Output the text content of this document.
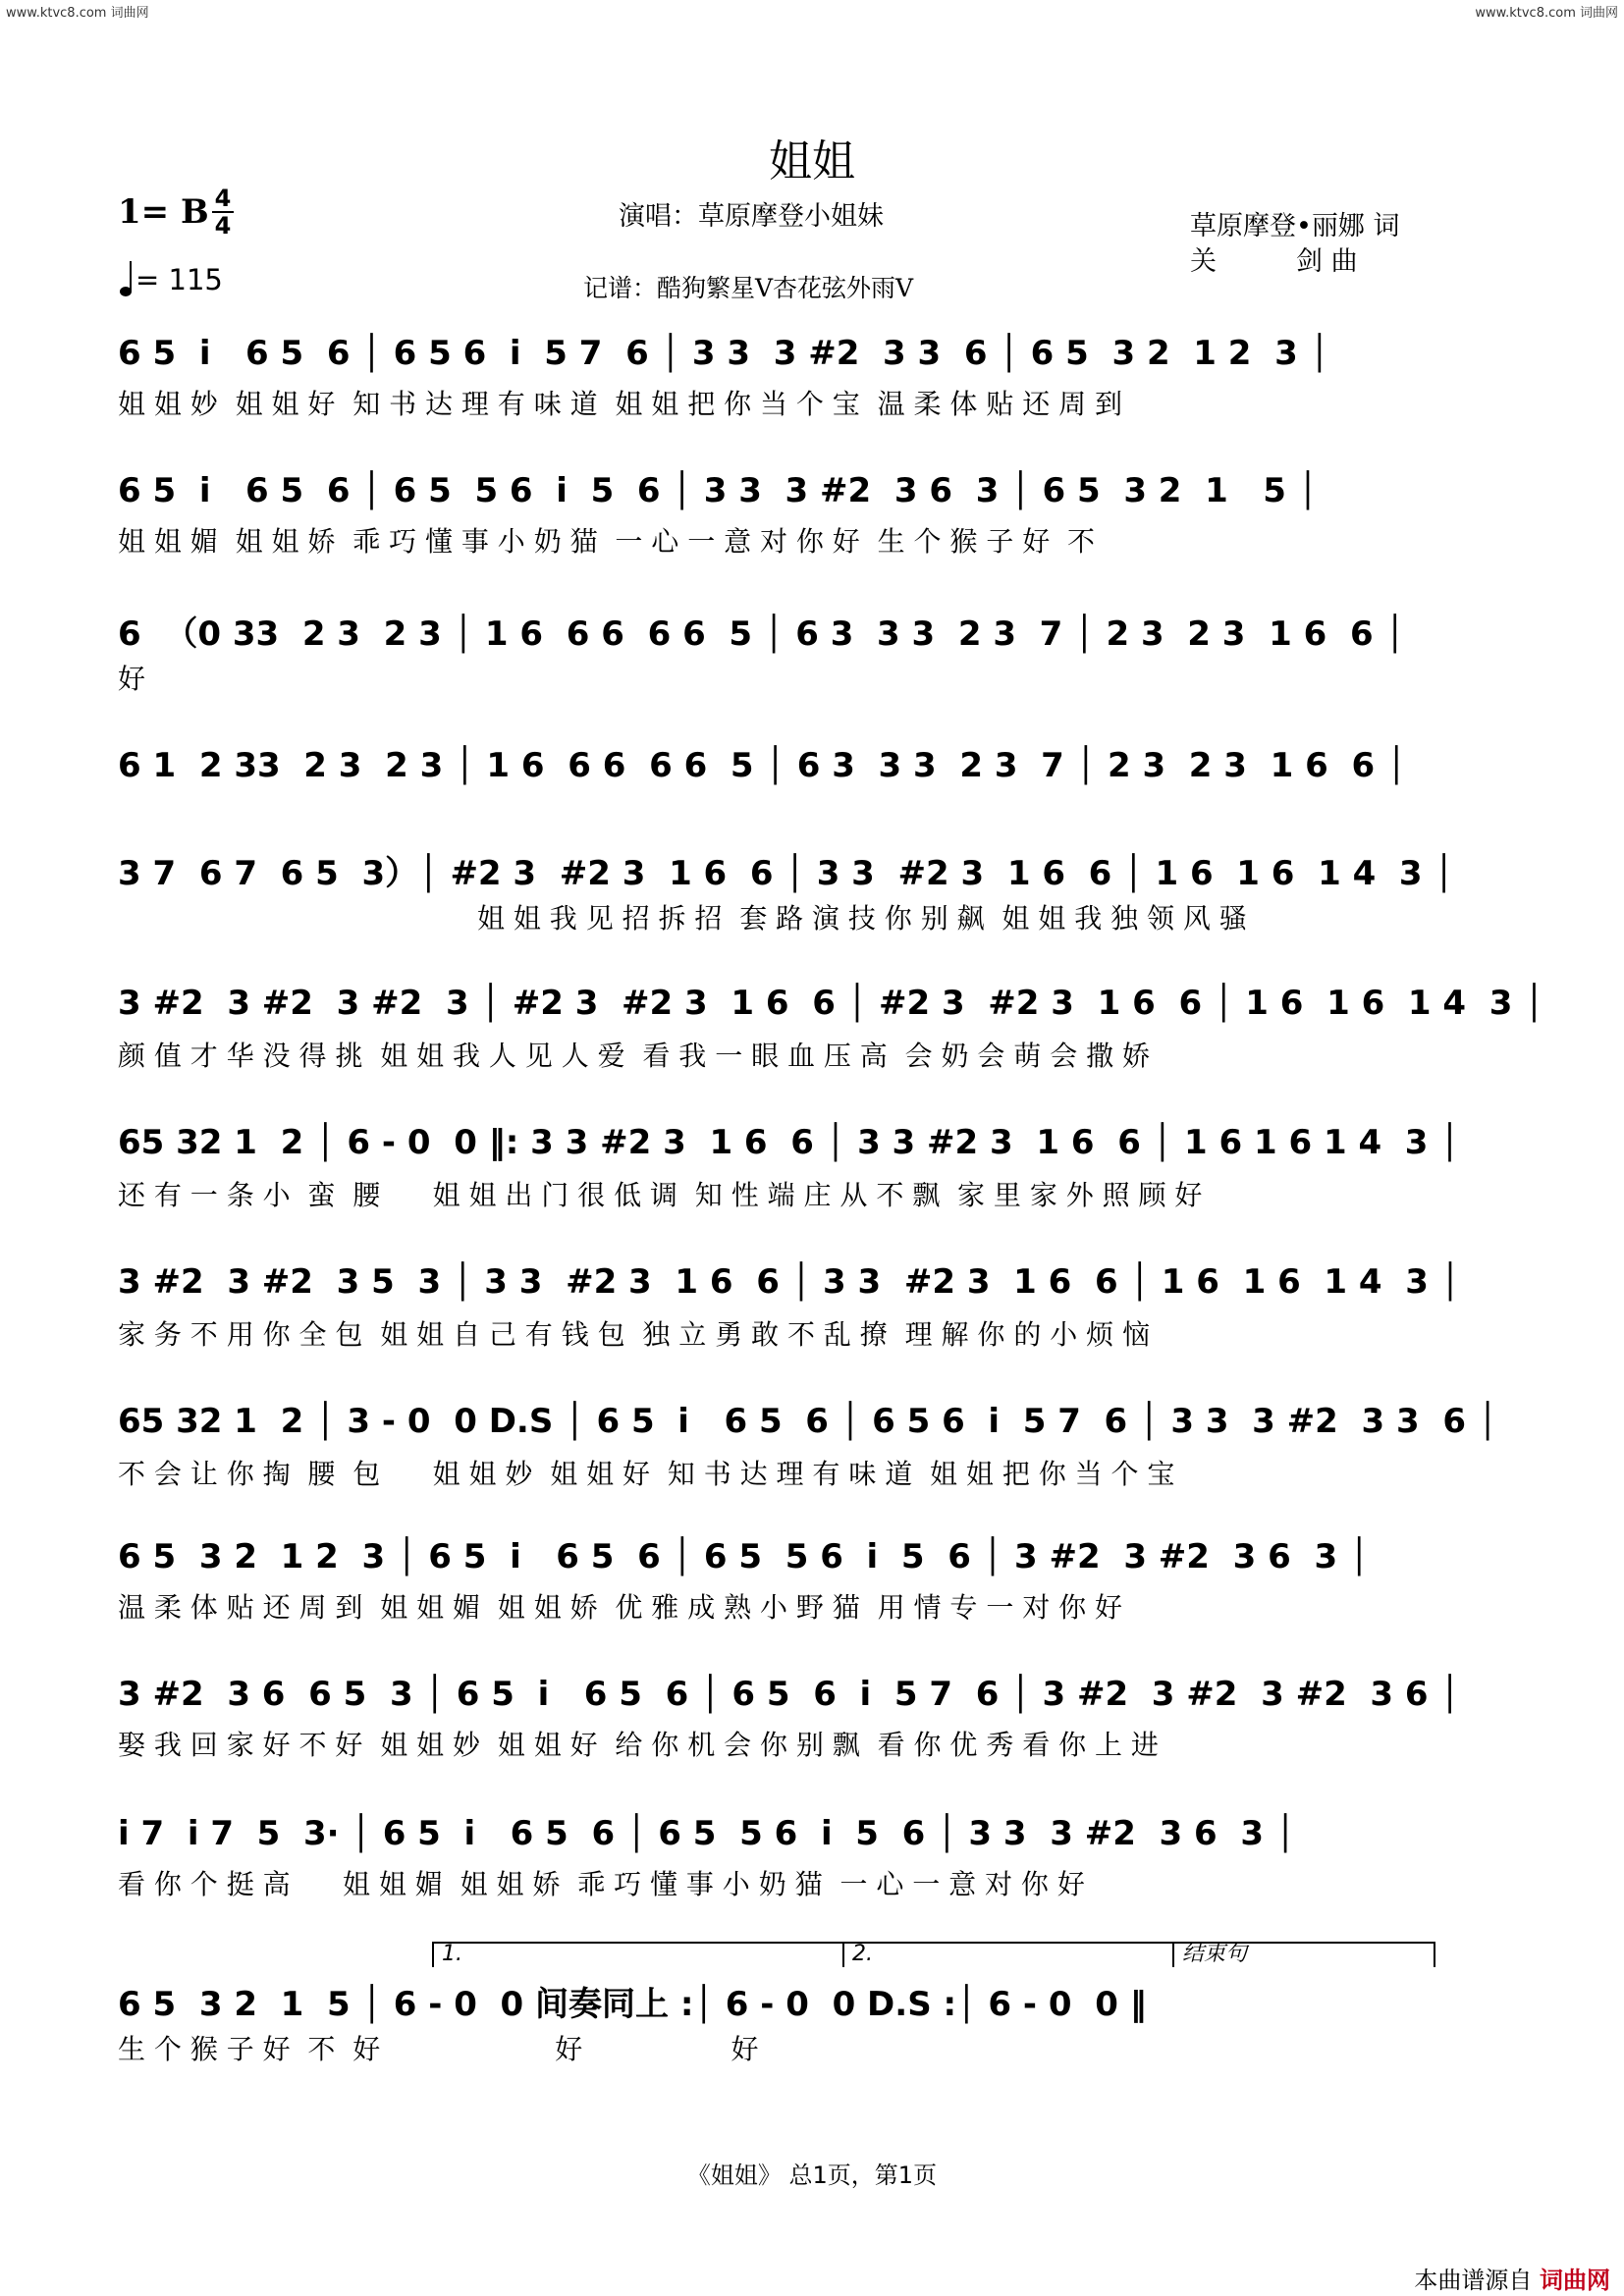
www.ktvc8.com 词曲网	www.ktvc8.com 词曲网
姐姐
1= B 4
4
= 115
演唱：草原摩登小姐妹
记谱：酷狗繁星V杏花弦外雨V
草原摩登•丽娜 词
关　　　剑 曲
6 5  i   6 5  6 │ 6 5 6  i  5 7  6 │ 3 3  3 #2  3 3  6 │ 6 5  3 2  1 2  3 │
姐 姐 妙  姐 姐 好  知 书 达 理 有 味 道  姐 姐 把 你 当 个 宝  温 柔 体 贴 还 周 到
6 5  i   6 5  6 │ 6 5  5 6  i  5  6 │ 3 3  3 #2  3 6  3 │ 6 5  3 2  1   5 │
姐 姐 媚  姐 姐 娇  乖 巧 懂 事 小 奶 猫  一 心 一 意 对 你 好  生 个 猴 子 好  不
6  （0 33  2 3  2 3 │ 1 6  6 6  6 6  5 │ 6 3  3 3  2 3  7 │ 2 3  2 3  1 6  6 │
好
6 1  2 33  2 3  2 3 │ 1 6  6 6  6 6  5 │ 6 3  3 3  2 3  7 │ 2 3  2 3  1 6  6 │
3 7  6 7  6 5  3）│ #2 3  #2 3  1 6  6 │ 3 3  #2 3  1 6  6 │ 1 6  1 6  1 4  3 │
姐 姐 我 见 招 拆 招  套 路 演 技 你 别 飙  姐 姐 我 独 领 风 骚
3 #2  3 #2  3 #2  3 │ #2 3  #2 3  1 6  6 │ #2 3  #2 3  1 6  6 │ 1 6  1 6  1 4  3 │
颜 值 才 华 没 得 挑  姐 姐 我 人 见 人 爱  看 我 一 眼 血 压 高  会 奶 会 萌 会 撒 娇
65 32 1  2 │ 6 - 0  0 ‖: 3 3 #2 3  1 6  6 │ 3 3 #2 3  1 6  6 │ 1 6 1 6 1 4  3 │
还 有 一 条 小  蛮  腰      姐 姐 出 门 很 低 调  知 性 端 庄 从 不 飘  家 里 家 外 照 顾 好
3 #2  3 #2  3 5  3 │ 3 3  #2 3  1 6  6 │ 3 3  #2 3  1 6  6 │ 1 6  1 6  1 4  3 │
家 务 不 用 你 全 包  姐 姐 自 己 有 钱 包  独 立 勇 敢 不 乱 撩  理 解 你 的 小 烦 恼
65 32 1  2 │ 3 - 0  0 D.S │ 6 5  i   6 5  6 │ 6 5 6  i  5 7  6 │ 3 3  3 #2  3 3  6 │
不 会 让 你 掏  腰  包      姐 姐 妙  姐 姐 好  知 书 达 理 有 味 道  姐 姐 把 你 当 个 宝
6 5  3 2  1 2  3 │ 6 5  i   6 5  6 │ 6 5  5 6  i  5  6 │ 3 #2  3 #2  3 6  3 │
温 柔 体 贴 还 周 到  姐 姐 媚  姐 姐 娇  优 雅 成 熟 小 野 猫  用 情 专 一 对 你 好
3 #2  3 6  6 5  3 │ 6 5  i   6 5  6 │ 6 5  6  i  5 7  6 │ 3 #2  3 #2  3 #2  3 6 │
娶 我 回 家 好 不 好  姐 姐 妙  姐 姐 好  给 你 机 会 你 别 飘  看 你 优 秀 看 你 上 进
i 7  i 7  5  3· │ 6 5  i   6 5  6 │ 6 5  5 6  i  5  6 │ 3 3  3 #2  3 6  3 │
看 你 个 挺 高      姐 姐 媚  姐 姐 娇  乖 巧 懂 事 小 奶 猫  一 心 一 意 对 你 好
1.	2.	结束句
6 5  3 2  1  5 │ 6 - 0  0 间奏同上 :│ 6 - 0  0 D.S :│ 6 - 0  0 ‖
生 个 猴 子 好  不  好                    好                 好
《姐姐》 总1页，第1页
本曲谱源自 词曲网
